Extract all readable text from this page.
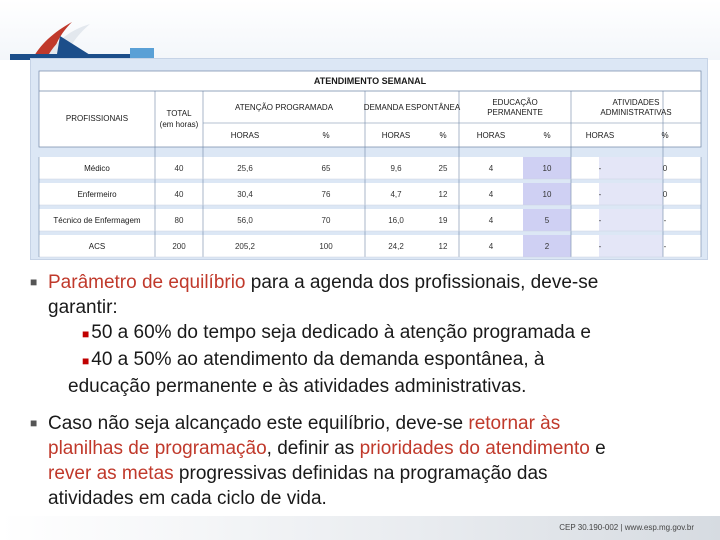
ATENDIMENTO SEMANAL
PROFISSIONAIS
TOTAL
(em horas)
ATENÇÃO PROGRAMADA	DEMANDA ESPONTÂNEA
EDUCAÇÃO
PERMANENTE
ATIVIDADES
ADMINISTRATIVAS
HORAS	%	HORAS	%	HORAS	%	HORAS	%
Médico	40	25,6	65	9,6	25	4	10	-	0
Enfermeiro	40	30,4	76	4,7	12	4	10	-	0
Técnico de Enfermagem	80	56,0	70	16,0	19	4	5	-	-
ACS	200	205,2	100	24,2	12	4	2	-	-
■ Parâmetro de equilíbrio para a agenda dos profissionais, deve-se
garantir:
■ 50 a 60% do tempo seja dedicado à atenção programada e
■ 40 a 50% ao atendimento da demanda espontânea, à
educação permanente e às atividades administrativas.
■ Caso não seja alcançado este equilíbrio, deve-se retornar às
planilhas de programação, definir as prioridades do atendimento e
rever as metas progressivas definidas na programação das
atividades em cada ciclo de vida.
CEP 30.190-002 | www.esp.mg.gov.br
